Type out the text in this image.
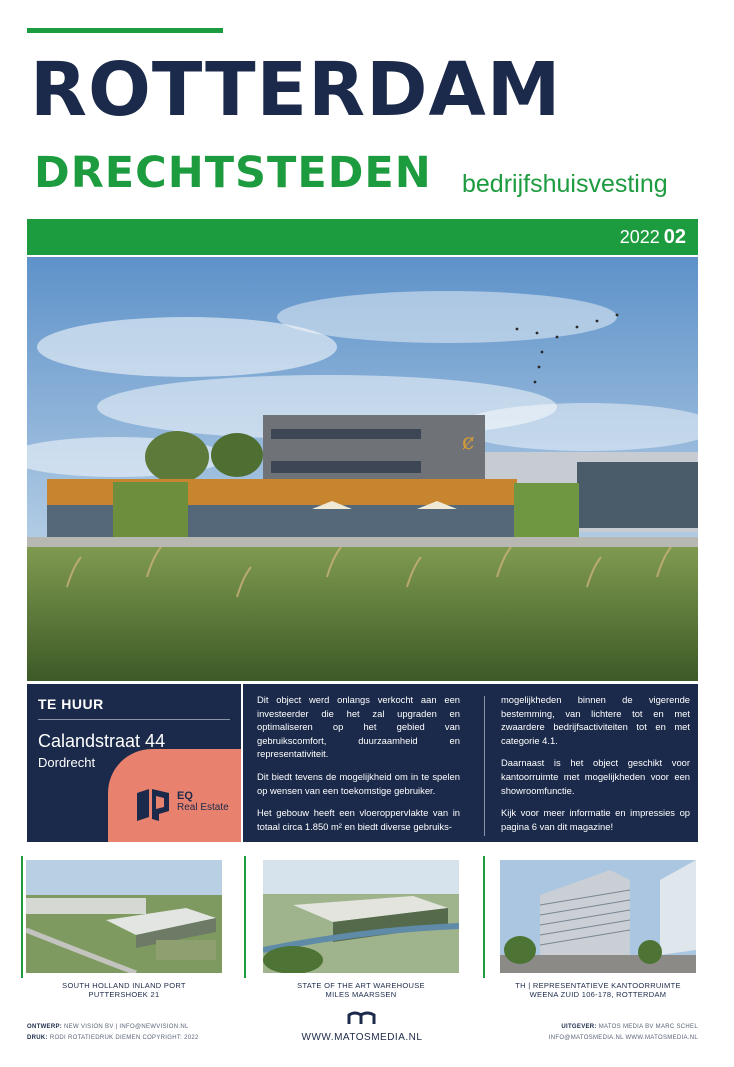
ROTTERDAM
DRECHTSTEDEN bedrijfshuisvesting
2022 02
ȼ
TE HUUR
Calandstraat 44
Dordrecht
EQ
Real Estate

Dit object werd onlangs verkocht aan een investeerder die het zal upgraden en optimaliseren op het gebied van gebruikscomfort, duurzaamheid en representativiteit.

Dit biedt tevens de mogelijkheid om in te spelen op wensen van een toekomstige gebruiker.

Het gebouw heeft een vloeroppervlakte van in totaal circa 1.850 m² en biedt diverse gebruiks-

mogelijkheden binnen de vigerende bestemming, van lichtere tot en met zwaardere bedrijfsactiviteiten tot en met categorie 4.1.

Daarnaast is het object geschikt voor kantoorruimte met mogelijkheden voor een showroomfunctie.

Kijk voor meer informatie en impressies op pagina 6 van dit magazine!

SOUTH HOLLAND INLAND PORT
PUTTERSHOEK 21
STATE OF THE ART WAREHOUSE
MILES MAARSSEN
TH | REPRESENTATIEVE KANTOORRUIMTE
WEENA ZUID 106-178, ROTTERDAM
ONTWERP: NEW VISION BV | INFO@NEWVISION.NL
DRUK: RODI ROTATIEDRUK DIEMEN COPYRIGHT: 2022	WWW.MATOSMEDIA.NL
UITGEVER: MATOS MEDIA BV MARC SCHEL
INFO@MATOSMEDIA.NL WWW.MATOSMEDIA.NL
